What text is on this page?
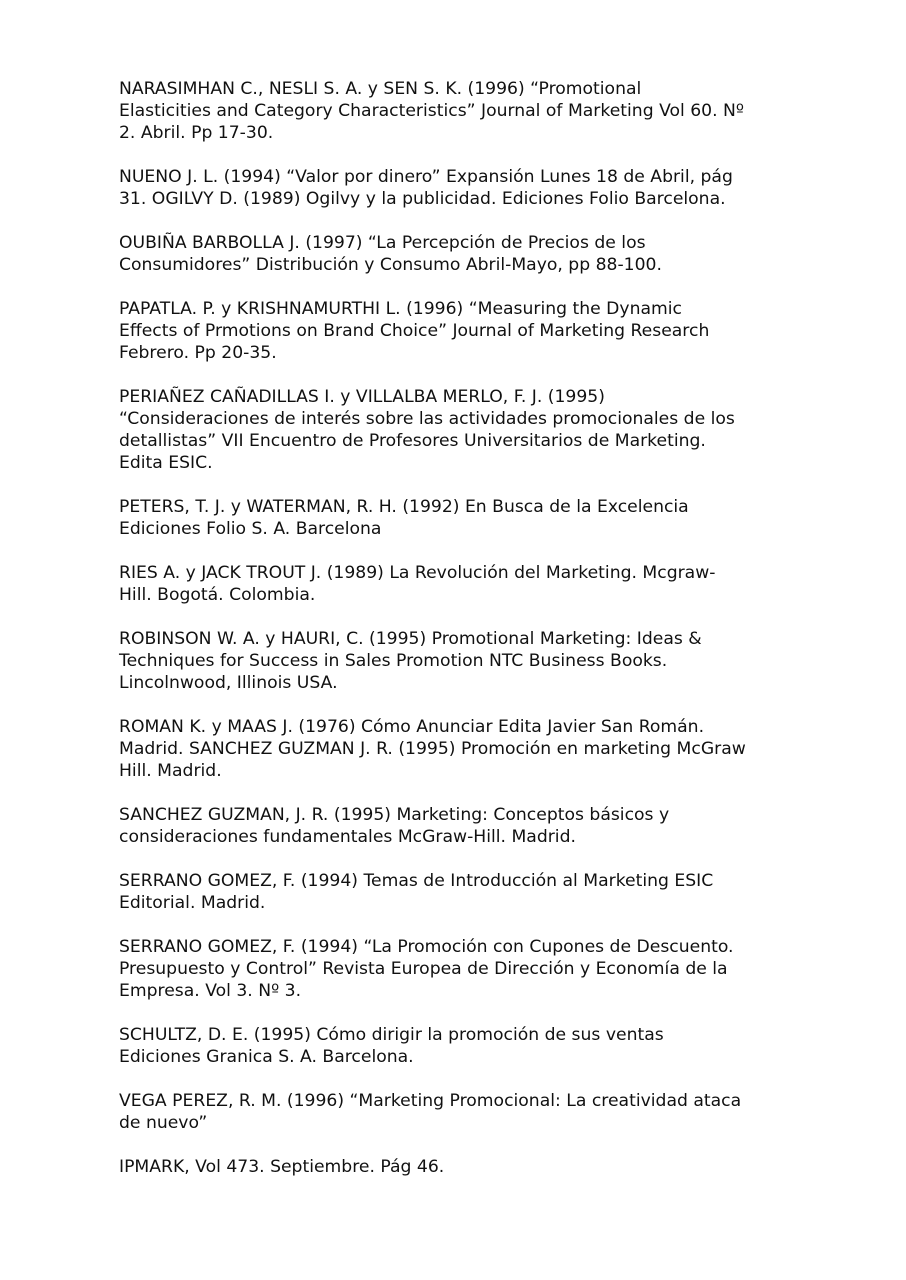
NARASIMHAN C., NESLI S. A. y SEN S. K. (1996) “Promotional
Elasticities and Category Characteristics” Journal of Marketing Vol 60. Nº
2. Abril. Pp 17-30.

NUENO J. L. (1994) “Valor por dinero” Expansión Lunes 18 de Abril, pág
31. OGILVY D. (1989) Ogilvy y la publicidad. Ediciones Folio Barcelona.

OUBIÑA BARBOLLA J. (1997) “La Percepción de Precios de los
Consumidores” Distribución y Consumo Abril-Mayo, pp 88-100.

PAPATLA. P. y KRISHNAMURTHI L. (1996) “Measuring the Dynamic
Effects of Prmotions on Brand Choice” Journal of Marketing Research
Febrero. Pp 20-35.

PERIAÑEZ CAÑADILLAS I. y VILLALBA MERLO, F. J. (1995)
“Consideraciones de interés sobre las actividades promocionales de los
detallistas” VII Encuentro de Profesores Universitarios de Marketing.
Edita ESIC.

PETERS, T. J. y WATERMAN, R. H. (1992) En Busca de la Excelencia
Ediciones Folio S. A. Barcelona

RIES A. y JACK TROUT J. (1989) La Revolución del Marketing. Mcgraw-
Hill. Bogotá. Colombia.

ROBINSON W. A. y HAURI, C. (1995) Promotional Marketing: Ideas &
Techniques for Success in Sales Promotion NTC Business Books.
Lincolnwood, Illinois USA.

ROMAN K. y MAAS J. (1976) Cómo Anunciar Edita Javier San Román.
Madrid. SANCHEZ GUZMAN J. R. (1995) Promoción en marketing McGraw
Hill. Madrid.

SANCHEZ GUZMAN, J. R. (1995) Marketing: Conceptos básicos y
consideraciones fundamentales McGraw-Hill. Madrid.

SERRANO GOMEZ, F. (1994) Temas de Introducción al Marketing ESIC
Editorial. Madrid.

SERRANO GOMEZ, F. (1994) “La Promoción con Cupones de Descuento.
Presupuesto y Control” Revista Europea de Dirección y Economía de la
Empresa. Vol 3. Nº 3.

SCHULTZ, D. E. (1995) Cómo dirigir la promoción de sus ventas
Ediciones Granica S. A. Barcelona.

VEGA PEREZ, R. M. (1996) “Marketing Promocional: La creatividad ataca
de nuevo”

IPMARK, Vol 473. Septiembre. Pág 46.
